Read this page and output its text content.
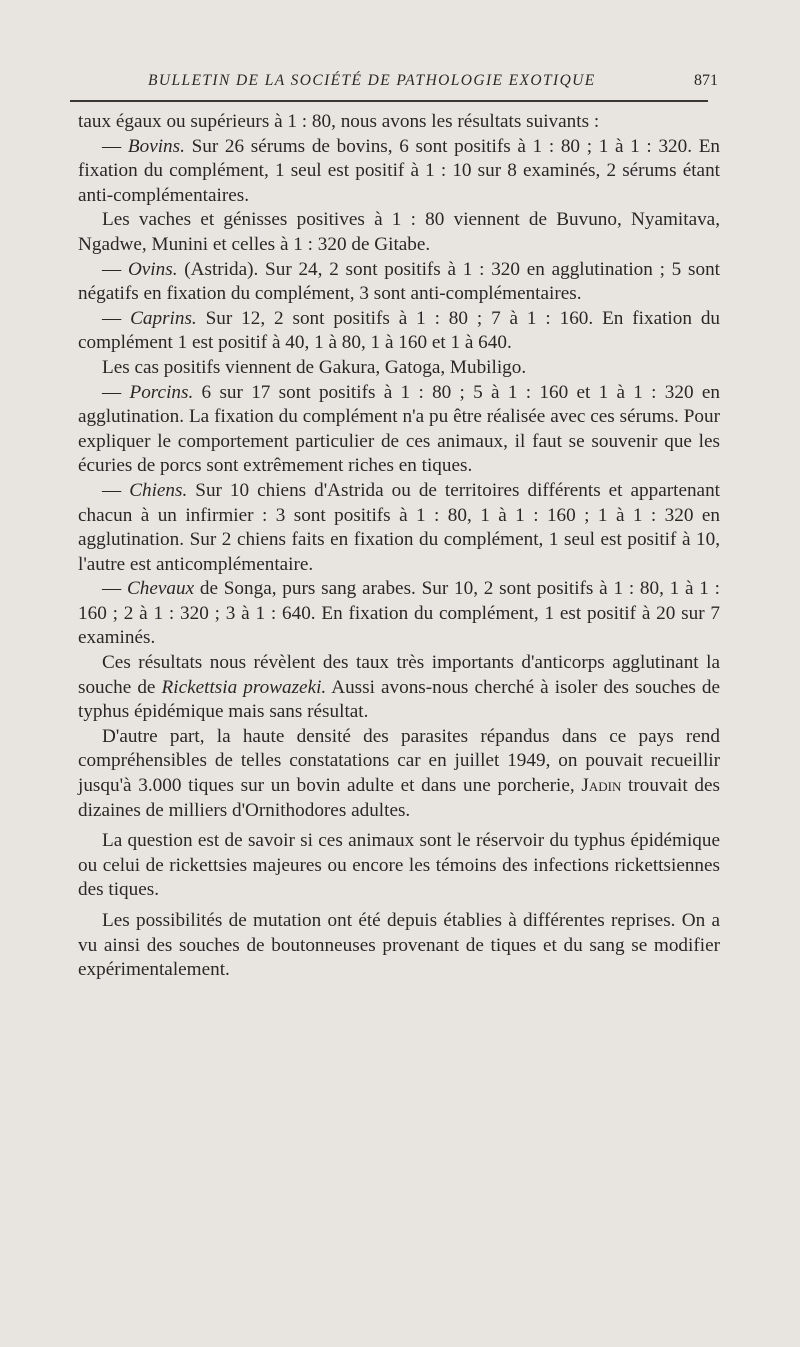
BULLETIN DE LA SOCIÉTÉ DE PATHOLOGIE EXOTIQUE	871

taux égaux ou supérieurs à 1 : 80, nous avons les résultats suivants :

— Bovins. Sur 26 sérums de bovins, 6 sont positifs à 1 : 80 ; 1 à 1 : 320. En fixation du complément, 1 seul est positif à 1 : 10 sur 8 examinés, 2 sérums étant anti-complémentaires.

Les vaches et génisses positives à 1 : 80 viennent de Buvuno, Nyamitava, Ngadwe, Munini et celles à 1 : 320 de Gitabe.

— Ovins. (Astrida). Sur 24, 2 sont positifs à 1 : 320 en agglutination ; 5 sont négatifs en fixation du complément, 3 sont anti-complémentaires.

— Caprins. Sur 12, 2 sont positifs à 1 : 80 ; 7 à 1 : 160. En fixation du complément 1 est positif à 40, 1 à 80, 1 à 160 et 1 à 640.

Les cas positifs viennent de Gakura, Gatoga, Mubiligo.

— Porcins. 6 sur 17 sont positifs à 1 : 80 ; 5 à 1 : 160 et 1 à 1 : 320 en agglutination. La fixation du complément n'a pu être réalisée avec ces sérums. Pour expliquer le comportement particulier de ces animaux, il faut se souvenir que les écuries de porcs sont extrêmement riches en tiques.

— Chiens. Sur 10 chiens d'Astrida ou de territoires différents et appartenant chacun à un infirmier : 3 sont positifs à 1 : 80, 1 à 1 : 160 ; 1 à 1 : 320 en agglutination. Sur 2 chiens faits en fixation du complément, 1 seul est positif à 10, l'autre est anticomplémentaire.

— Chevaux de Songa, purs sang arabes. Sur 10, 2 sont positifs à 1 : 80, 1 à 1 : 160 ; 2 à 1 : 320 ; 3 à 1 : 640. En fixation du complément, 1 est positif à 20 sur 7 examinés.

Ces résultats nous révèlent des taux très importants d'anticorps agglutinant la souche de Rickettsia prowazeki. Aussi avons-nous cherché à isoler des souches de typhus épidémique mais sans résultat.

D'autre part, la haute densité des parasites répandus dans ce pays rend compréhensibles de telles constatations car en juillet 1949, on pouvait recueillir jusqu'à 3.000 tiques sur un bovin adulte et dans une porcherie, Jadin trouvait des dizaines de milliers d'Ornithodores adultes.

La question est de savoir si ces animaux sont le réservoir du typhus épidémique ou celui de rickettsies majeures ou encore les témoins des infections rickettsiennes des tiques.

Les possibilités de mutation ont été depuis établies à différentes reprises. On a vu ainsi des souches de boutonneuses provenant de tiques et du sang se modifier expérimentalement.
